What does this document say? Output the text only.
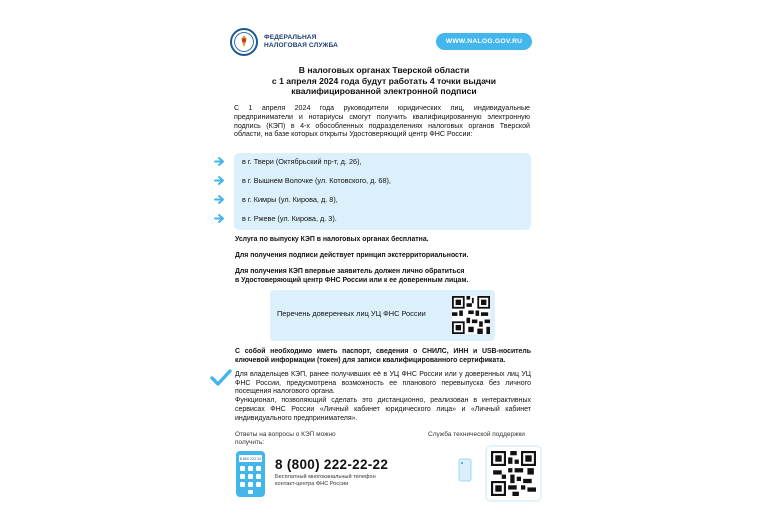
ФЕДЕРАЛЬНАЯ
НАЛОГОВАЯ СЛУЖБА
WWW.NALOG.GOV.RU
В налоговых органах Тверской области
с 1 апреля 2024 года будут работать 4 точки выдачи
квалифицированной электронной подписи
С 1 апреля 2024 года руководители юридических лиц, индивидуальные предприниматели и нотариусы смогут получить квалифицированную электронную подпись (КЭП) в 4-х обособленных подразделениях налоговых органов Тверской области, на базе которых открыты Удостоверяющий центр ФНС России:
в г. Твери (Октябрьский пр-т, д. 26),
в г. Вышнем Волочке (ул. Котовского, д. 68),
в г. Кимры (ул. Кирова, д. 8),
в г. Ржеве (ул. Кирова, д. 3).
Услуга по выпуску КЭП в налоговых органах бесплатна.
Для получения подписи действует принцип экстерриториальности.
Для получения КЭП впервые заявитель должен лично обратиться
в Удостоверяющий центр ФНС России или к ее доверенным лицам.
Перечень доверенных лиц УЦ ФНС России
С собой необходимо иметь паспорт, сведения о СНИЛС, ИНН и USB-носитель ключевой информации (токен) для записи квалифицированного сертификата.
Для владельцев КЭП, ранее получивших её в УЦ ФНС России или у доверенных лиц УЦ ФНС России, предусмотрена возможность ее планового перевыпуска без личного посещения налогового органа.
Функционал, позволяющий сделать это дистанционно, реализован в интерактивных сервисах ФНС России «Личный кабинет юридического лица» и «Личный кабинет индивидуального предпринимателя».
Ответы на вопросы о КЭП можно получить:
Служба технической поддержки
8 800 222 22 8 (800) 222-22-22
Бесплатный многоканальный телефон
контакт-центра ФНС России
